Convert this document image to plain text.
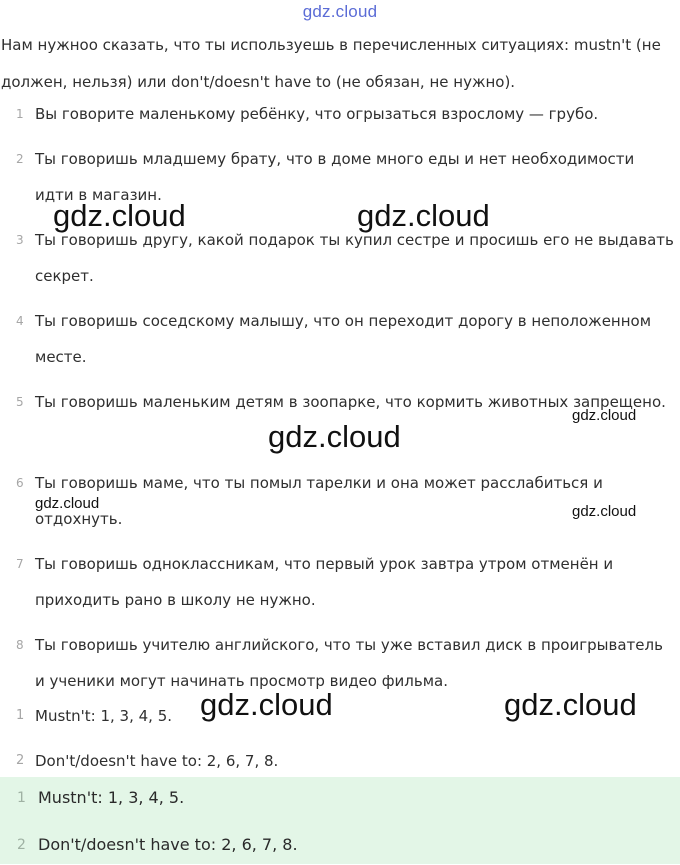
gdz.cloud

Нам нужноо сказать, что ты используешь в перечисленных ситуациях: mustn't (не должен, нельзя) или don't/doesn't have to (не обязан, не нужно).

1 Вы говорите маленькому ребёнку, что огрызаться взрослому — грубо.

2 Ты говоришь младшему брату, что в доме много еды и нет необходимости идти в магазин.

3 Ты говоришь другу, какой подарок ты купил сестре и просишь его не выдавать секрет.

4 Ты говоришь соседскому малышу, что он переходит дорогу в неположенном месте.

5 Ты говоришь маленьким детям в зоопарке, что кормить животных запрещено.

6 Ты говоришь маме, что ты помыл тарелки и она может расслабиться и отдохнуть.

7 Ты говоришь одноклассникам, что первый урок завтра утром отменён и приходить рано в школу не нужно.

8 Ты говоришь учителю английского, что ты уже вставил диск в проигрыватель и ученики могут начинать просмотр видео фильма.

1 Mustn't: 1, 3, 4, 5.
2 Don't/doesn't have to: 2, 6, 7, 8.
1 Mustn't: 1, 3, 4, 5.
2 Don't/doesn't have to: 2, 6, 7, 8.
gdz.cloud	gdz.cloud
gdz.cloud
gdz.cloud	gdz.cloud
gdz.cloud
gdz.cloud	gdz.cloud
